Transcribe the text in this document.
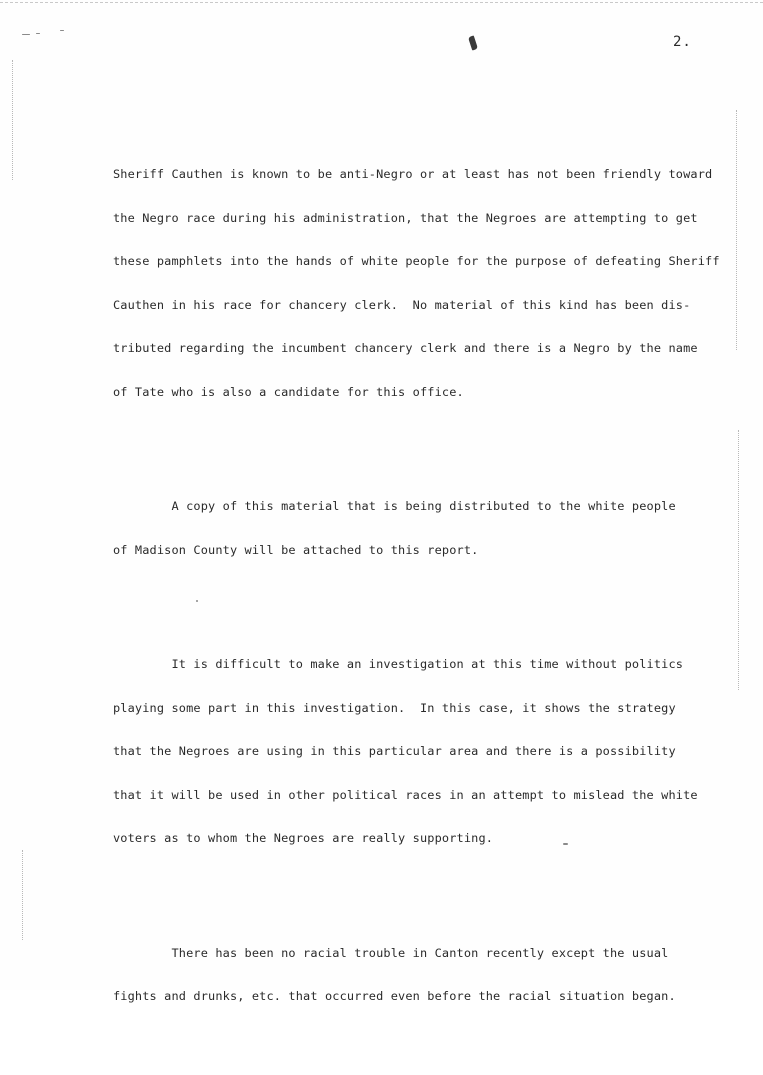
2.

Sheriff Cauthen is known to be anti-Negro or at least has not been friendly toward

the Negro race during his administration, that the Negroes are attempting to get

these pamphlets into the hands of white people for the purpose of defeating Sheriff

Cauthen in his race for chancery clerk.  No material of this kind has been dis-

tributed regarding the incumbent chancery clerk and there is a Negro by the name

of Tate who is also a candidate for this office.

A copy of this material that is being distributed to the white people

of Madison County will be attached to this report.

It is difficult to make an investigation at this time without politics

playing some part in this investigation.  In this case, it shows the strategy

that the Negroes are using in this particular area and there is a possibility

that it will be used in other political races in an attempt to mislead the white

voters as to whom the Negroes are really supporting.

There has been no racial trouble in Canton recently except the usual

fights and drunks, etc. that occurred even before the racial situation began.
